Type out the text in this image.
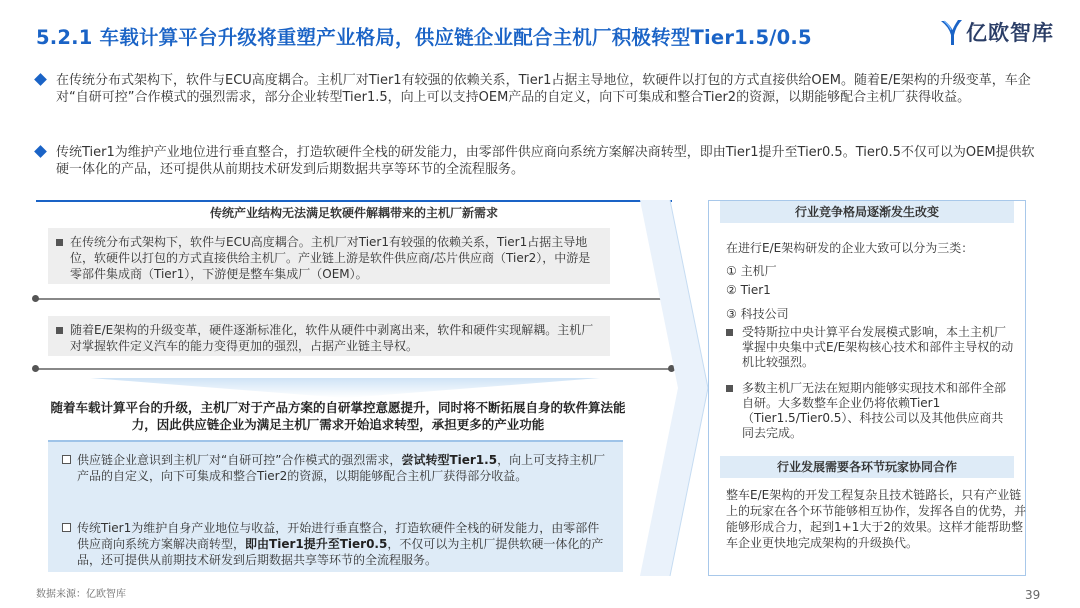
5.2.1 车载计算平台升级将重塑产业格局，供应链企业配合主机厂积极转型Tier1.5/0.5	亿欧智库
在传统分布式架构下，软件与ECU高度耦合。主机厂对Tier1有较强的依赖关系，Tier1占据主导地位，软硬件以打包的方式直接供给OEM。随着E/E架构的升级变革，车企对“自研可控”合作模式的强烈需求，部分企业转型Tier1.5，向上可以支持OEM产品的自定义，向下可集成和整合Tier2的资源，以期能够配合主机厂获得收益。
传统Tier1为维护产业地位进行垂直整合，打造软硬件全栈的研发能力，由零部件供应商向系统方案解决商转型，即由Tier1提升至Tier0.5。Tier0.5不仅可以为OEM提供软硬一体化的产品，还可提供从前期技术研发到后期数据共享等环节的全流程服务。
传统产业结构无法满足软硬件解耦带来的主机厂新需求
在传统分布式架构下，软件与ECU高度耦合。主机厂对Tier1有较强的依赖关系，Tier1占据主导地位，软硬件以打包的方式直接供给主机厂。产业链上游是软件供应商/芯片供应商（Tier2），中游是零部件集成商（Tier1），下游便是整车集成厂（OEM）。
随着E/E架构的升级变革，硬件逐渐标准化，软件从硬件中剥离出来，软件和硬件实现解耦。主机厂对掌握软件定义汽车的能力变得更加的强烈，占据产业链主导权。
随着车载计算平台的升级，主机厂对于产品方案的自研掌控意愿提升，同时将不断拓展自身的软件算法能力，因此供应链企业为满足主机厂需求开始追求转型，承担更多的产业功能
供应链企业意识到主机厂对“自研可控”合作模式的强烈需求，尝试转型Tier1.5，向上可支持主机厂产品的自定义，向下可集成和整合Tier2的资源，以期能够配合主机厂获得部分收益。
传统Tier1为维护自身产业地位与收益，开始进行垂直整合，打造软硬件全栈的研发能力，由零部件供应商向系统方案解决商转型，即由Tier1提升至Tier0.5，不仅可以为主机厂提供软硬一体化的产品，还可提供从前期技术研发到后期数据共享等环节的全流程服务。
行业竞争格局逐渐发生改变
在进行E/E架构研发的企业大致可以分为三类：
① 主机厂
② Tier1
③ 科技公司
受特斯拉中央计算平台发展模式影响，本土主机厂掌握中央集中式E/E架构核心技术和部件主导权的动机比较强烈。
多数主机厂无法在短期内能够实现技术和部件全部自研。大多数整车企业仍将依赖Tier1（Tier1.5/Tier0.5）、科技公司以及其他供应商共同去完成。
行业发展需要各环节玩家协同合作
整车E/E架构的开发工程复杂且技术链路长，只有产业链上的玩家在各个环节能够相互协作，发挥各自的优势，并能够形成合力，起到1+1大于2的效果。这样才能帮助整车企业更快地完成架构的升级换代。
数据来源：亿欧智库	39
